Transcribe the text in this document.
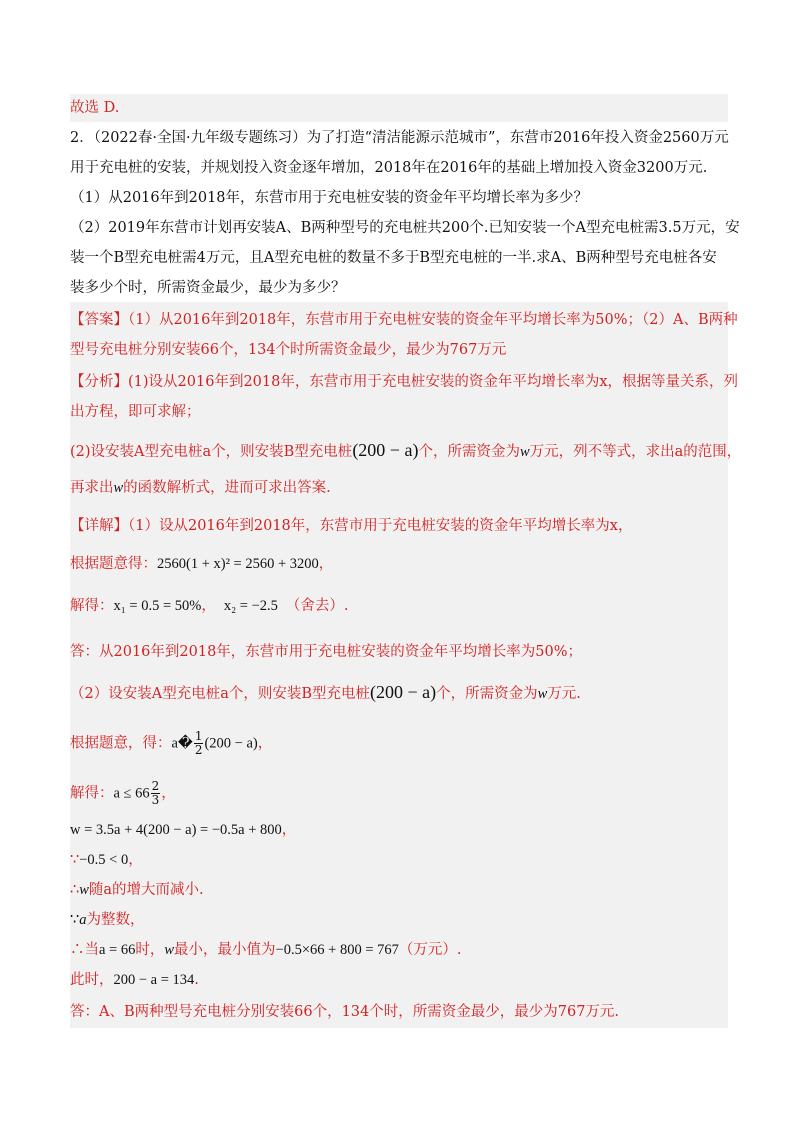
故选 D.
2．（2022春·全国·九年级专题练习）为了打造“清洁能源示范城市”，东营市2016年投入资金2560万元
用于充电桩的安装，并规划投入资金逐年增加，2018年在2016年的基础上增加投入资金3200万元.
（1）从2016年到2018年，东营市用于充电桩安装的资金年平均增长率为多少？
（2）2019年东营市计划再安装A、B两种型号的充电桩共200个.已知安装一个A型充电桩需3.5万元，安
装一个B型充电桩需4万元，且A型充电桩的数量不多于B型充电桩的一半.求A、B两种型号充电桩各安
装多少个时，所需资金最少，最少为多少？
【答案】（1）从2016年到2018年，东营市用于充电桩安装的资金年平均增长率为50%；（2）A、B两种
型号充电桩分别安装66个，134个时所需资金最少，最少为767万元
【分析】(1)设从2016年到2018年，东营市用于充电桩安装的资金年平均增长率为x，根据等量关系，列
出方程，即可求解；
(2)设安装A型充电桩a个，则安装B型充电桩(200 − a)个，所需资金为w万元，列不等式，求出a的范围，
再求出w的函数解析式，进而可求出答案.
【详解】（1）设从2016年到2018年，东营市用于充电桩安装的资金年平均增长率为x，
根据题意得：2560(1 + x)² = 2560 + 3200，
解得：x₁ = 0.5 = 50%， x₂ = −2.5 （舍去）.
答：从2016年到2018年，东营市用于充电桩安装的资金年平均增长率为50%；
（2）设安装A型充电桩a个，则安装B型充电桩(200 − a)个，所需资金为w万元.
根据题意，得：a� $\frac{1}{2} (200 - a)$，
解得：$a \le 66 \frac{2}{3}$ ，
w = 3.5a + 4(200 − a) = −0.5a + 800，
∵−0.5 < 0，
∴w随a的增大而减小.
∵a为整数，
∴当a = 66时，w最小，最小值为−0.5×66 + 800 = 767（万元）.
此时，200 − a = 134.
答：A、B两种型号充电桩分别安装66个，134个时，所需资金最少，最少为767万元.
